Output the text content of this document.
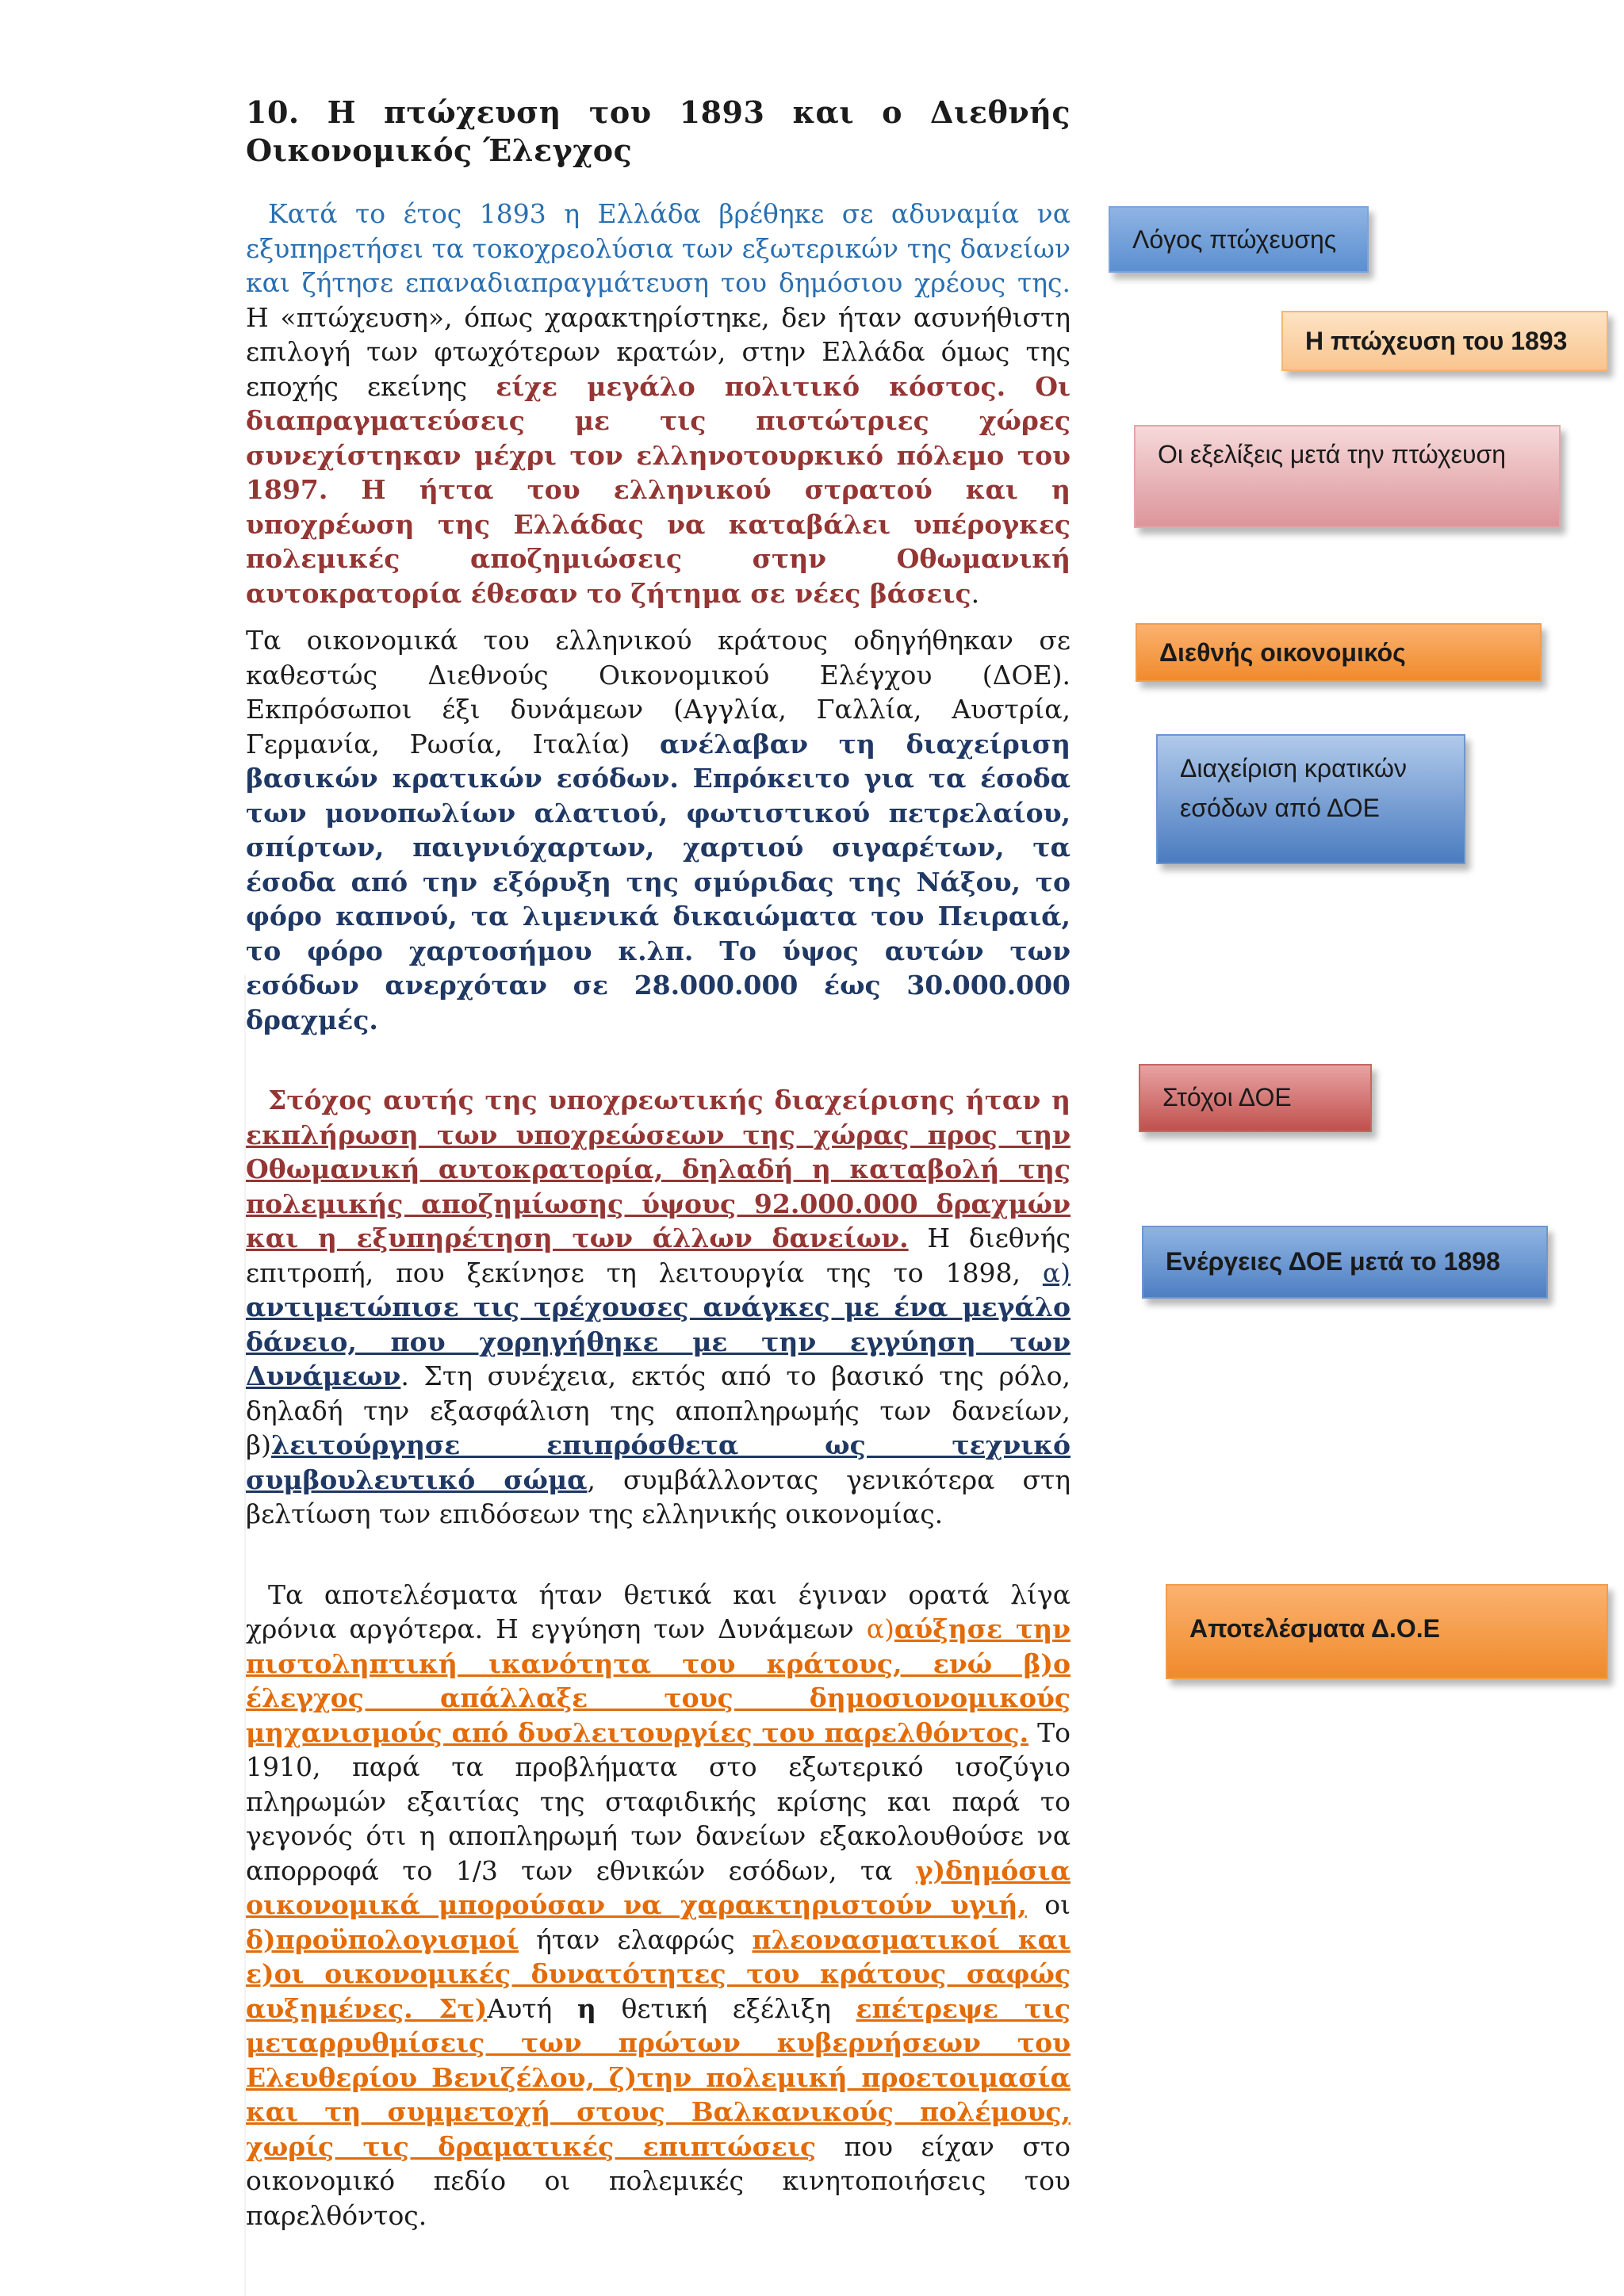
10. Η πτώχευση του 1893 και ο Διεθνής Οικονομικός Έλεγχος

Κατά το έτος 1893 η Ελλάδα βρέθηκε σε αδυναμία να εξυπηρετήσει τα τοκοχρεολύσια των εξωτερικών της δανείων και ζήτησε επαναδιαπραγμάτευση του δημόσιου χρέους της. Η «πτώχευση», όπως χαρακτηρίστηκε, δεν ήταν ασυνήθιστη επιλογή των φτωχότερων κρατών, στην Ελλάδα όμως της εποχής εκείνης είχε μεγάλο πολιτικό κόστος. Οι διαπραγματεύσεις με τις πιστώτριες χώρες συνεχίστηκαν μέχρι τον ελληνοτουρκικό πόλεμο του 1897. Η ήττα του ελληνικού στρατού και η υποχρέωση της Ελλάδας να καταβάλει υπέρογκες πολεμικές αποζημιώσεις στην Οθωμανική αυτοκρατορία έθεσαν το ζήτημα σε νέες βάσεις.

Τα οικονομικά του ελληνικού κράτους οδηγήθηκαν σε καθεστώς Διεθνούς Οικονομικού Ελέγχου (ΔΟΕ). Εκπρόσωποι έξι δυνάμεων (Αγγλία, Γαλλία, Αυστρία, Γερμανία, Ρωσία, Ιταλία) ανέλαβαν τη διαχείριση βασικών κρατικών εσόδων. Επρόκειτο για τα έσοδα των μονοπωλίων αλατιού, φωτιστικού πετρελαίου, σπίρτων, παιγνιόχαρτων, χαρτιού σιγαρέτων, τα έσοδα από την εξόρυξη της σμύριδας της Νάξου, το φόρο καπνού, τα λιμενικά δικαιώματα του Πειραιά, το φόρο χαρτοσήμου κ.λπ. Το ύψος αυτών των εσόδων ανερχόταν σε 28.000.000 έως 30.000.000 δραχμές.

Στόχος αυτής της υποχρεωτικής διαχείρισης ήταν η εκπλήρωση των υποχρεώσεων της χώρας προς την Οθωμανική αυτοκρατορία, δηλαδή η καταβολή της πολεμικής αποζημίωσης ύψους 92.000.000 δραχμών και η εξυπηρέτηση των άλλων δανείων. Η διεθνής επιτροπή, που ξεκίνησε τη λειτουργία της το 1898, α) αντιμετώπισε τις τρέχουσες ανάγκες με ένα μεγάλο δάνειο, που χορηγήθηκε με την εγγύηση των Δυνάμεων. Στη συνέχεια, εκτός από το βασικό της ρόλο, δηλαδή την εξασφάλιση της αποπληρωμής των δανείων, β)λειτούργησε επιπρόσθετα ως τεχνικό συμβουλευτικό σώμα, συμβάλλοντας γενικότερα στη βελτίωση των επιδόσεων της ελληνικής οικονομίας.

Τα αποτελέσματα ήταν θετικά και έγιναν ορατά λίγα χρόνια αργότερα. Η εγγύηση των Δυνάμεων α)αύξησε την πιστοληπτική ικανότητα του κράτους, ενώ β)ο έλεγχος απάλλαξε τους δημοσιονομικούς μηχανισμούς από δυσλειτουργίες του παρελθόντος. Το 1910, παρά τα προβλήματα στο εξωτερικό ισοζύγιο πληρωμών εξαιτίας της σταφιδικής κρίσης και παρά το γεγονός ότι η αποπληρωμή των δανείων εξακολουθούσε να απορροφά το 1/3 των εθνικών εσόδων, τα γ)δημόσια οικονομικά μπορούσαν να χαρακτηριστούν υγιή, οι δ)προϋπολογισμοί ήταν ελαφρώς πλεονασματικοί και ε)οι οικονομικές δυνατότητες του κράτους σαφώς αυξημένες. Στ)Αυτή η θετική εξέλιξη επέτρεψε τις μεταρρυθμίσεις των πρώτων κυβερνήσεων του Ελευθερίου Βενιζέλου, ζ)την πολεμική προετοιμασία και τη συμμετοχή στους Βαλκανικούς πολέμους, χωρίς τις δραματικές επιπτώσεις που είχαν στο οικονομικό πεδίο οι πολεμικές κινητοποιήσεις του παρελθόντος.

Λόγος πτώχευσης
Η πτώχευση του 1893
Οι εξελίξεις μετά την πτώχευση
Διεθνής οικονομικός
Διαχείριση κρατικών εσόδων από ΔΟΕ
Στόχοι ΔΟΕ
Ενέργειες ΔΟΕ μετά το 1898
Αποτελέσματα Δ.Ο.Ε
